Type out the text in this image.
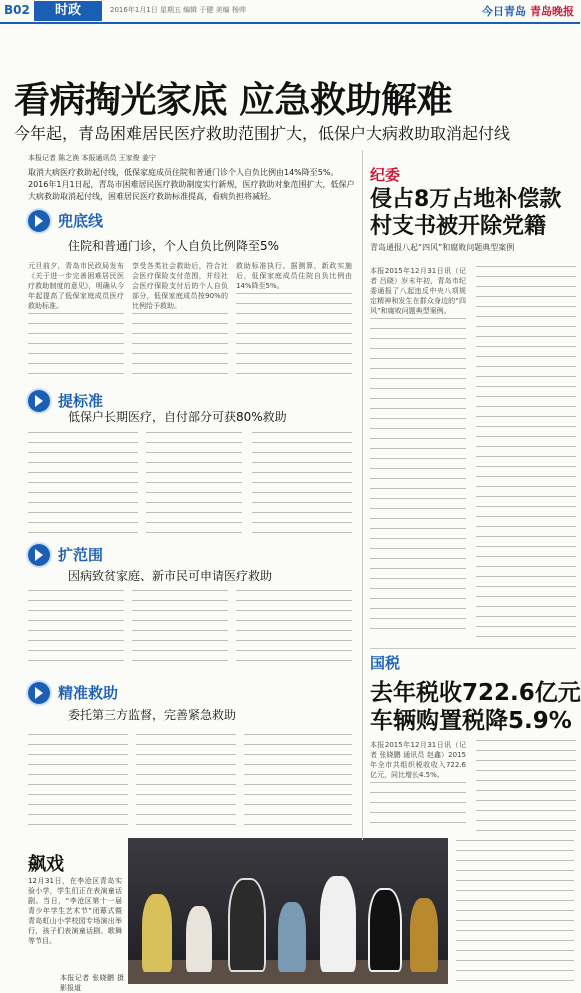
B02	时政	2016年1月1日 星期五 编辑 于健 美编 杨帅	今日青岛 青岛晚报
看病掏光家底 应急救助解难
今年起，青岛困难居民医疗救助范围扩大，低保户大病救助取消起付线
本报记者 陈之涣 本报通讯员 王家俊 姜宁
取消大病医疗救助起付线，低保家庭成员住院和普通门诊个人自负比例由14%降至5%。2016年1月1日起，青岛市困难居民医疗救助制度实行新规，医疗救助对象范围扩大，低保户大病救助取消起付线，困难居民医疗救助标准提高，看病负担将减轻。
兜底线
住院和普通门诊，个人自负比例降至5%
元旦前夕，青岛市民政局发布《关于进一步完善困难居民医疗救助制度的意见》，明确从今年起提高了低保家庭成员医疗救助标准。
享受各类社会救助后，符合社会医疗保险支付范围，并经社会医疗保险支付后的个人自负部分，低保家庭成员按90%的比例给予救助。
救助标准执行。据测算，新政实施后，低保家庭成员住院自负比例由14%降至5%。
提标准
低保户长期医疗，自付部分可获80%救助
扩范围
因病致贫家庭、新市民可申请医疗救助
精准救助
委托第三方监督，完善紧急救助
飙戏
12月31日，在李沧区青岛实验小学，学生们正在表演童话剧。当日，“李沧区第十一届青少年学生艺术节”闭幕式暨青岛虹山小学校园专场演出举行，孩子们表演童话剧、歌舞等节目。
本报记者 张晓鹏 摄影报道
纪委
侵占8万占地补偿款村支书被开除党籍
青岛通报八起“四风”和腐败问题典型案例
本报2015年12月31日讯（记者 吕晓）岁末年初，青岛市纪委通报了八起违反中央八项规定精神和发生在群众身边的“四风”和腐败问题典型案例。
国税
去年税收722.6亿元
车辆购置税降5.9%
本报2015年12月31日讯（记者 张晓鹏 通讯员 赵鑫）2015年全市共组织税收收入722.6亿元，同比增长4.5%。
